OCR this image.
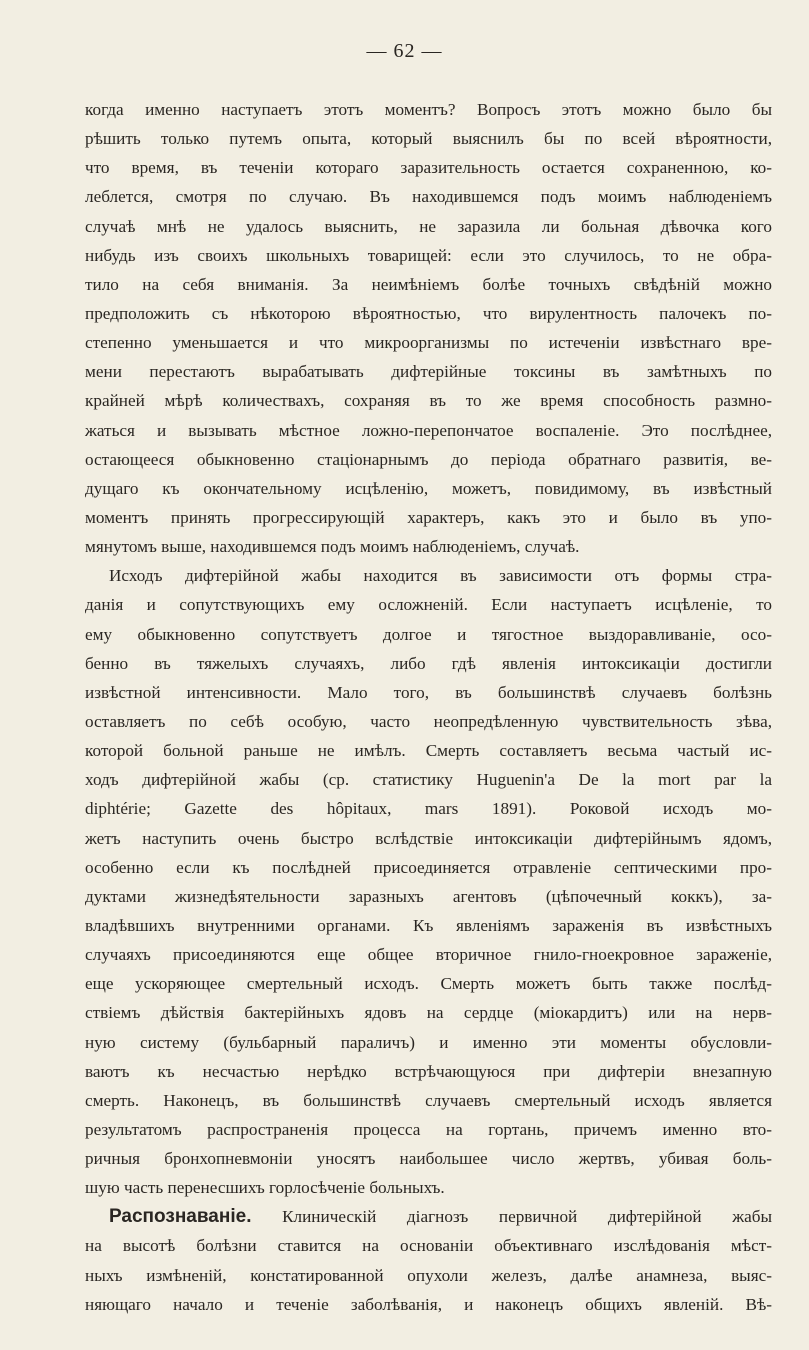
— 62 —
когда именно наступаетъ этотъ моментъ? Вопросъ этотъ можно было бы
рѣшить только путемъ опыта, который выяснилъ бы по всей вѣроятности,
что время, въ теченіи котораго заразительность остается сохраненною, ко-
леблется, смотря по случаю. Въ находившемся подъ моимъ наблюденіемъ
случаѣ мнѣ не удалось выяснить, не заразила ли больная дѣвочка кого
нибудь изъ своихъ школьныхъ товарищей: если это случилось, то не обра-
тило на себя вниманія. За неимѣніемъ болѣе точныхъ свѣдѣній можно
предположить съ нѣкоторою вѣроятностью, что вирулентность палочекъ по-
степенно уменьшается и что микроорганизмы по истеченіи извѣстнаго вре-
мени перестаютъ вырабатывать дифтерійные токсины въ замѣтныхъ по
крайней мѣрѣ количествахъ, сохраняя въ то же время способность размно-
жаться и вызывать мѣстное ложно-перепончатое воспаленіе. Это послѣднее,
остающееся обыкновенно стаціонарнымъ до періода обратнаго развитія, ве-
дущаго къ окончательному исцѣленію, можетъ, повидимому, въ извѣстный
моментъ принять прогрессирующій характеръ, какъ это и было въ упо-
мянутомъ выше, находившемся подъ моимъ наблюденіемъ, случаѣ.
Исходъ дифтерійной жабы находится въ зависимости отъ формы стра-
данія и сопутствующихъ ему осложненій. Если наступаетъ исцѣленіе, то
ему обыкновенно сопутствуетъ долгое и тягостное выздоравливаніе, осо-
бенно въ тяжелыхъ случаяхъ, либо гдѣ явленія интоксикаціи достигли
извѣстной интенсивности. Мало того, въ большинствѣ случаевъ болѣзнь
оставляетъ по себѣ особую, часто неопредѣленную чувствительность зѣва,
которой больной раньше не имѣлъ. Смерть составляетъ весьма частый ис-
ходъ дифтерійной жабы (ср. статистику Huguenin'a De la mort par la
diphtérie; Gazette des hôpitaux, mars 1891). Роковой исходъ мо-
жетъ наступить очень быстро вслѣдствіе интоксикаціи дифтерійнымъ ядомъ,
особенно если къ послѣдней присоединяется отравленіе септическими про-
дуктами жизнедѣятельности заразныхъ агентовъ (цѣпочечный коккъ), за-
владѣвшихъ внутренними органами. Къ явленіямъ зараженія въ извѣстныхъ
случаяхъ присоединяются еще общее вторичное гнило-гноекровное зараженіе,
еще ускоряющее смертельный исходъ. Смерть можетъ быть также послѣд-
ствіемъ дѣйствія бактерійныхъ ядовъ на сердце (міокардитъ) или на нерв-
ную систему (бульбарный параличъ) и именно эти моменты обусловли-
ваютъ къ несчастью нерѣдко встрѣчающуюся при дифтеріи внезапную
смерть. Наконецъ, въ большинствѣ случаевъ смертельный исходъ является
результатомъ распространенія процесса на гортань, причемъ именно вто-
ричныя бронхопневмоніи уносятъ наибольшее число жертвъ, убивая боль-
шую часть перенесшихъ горлосѣченіе больныхъ.
Распознаваніе. Клиническій діагнозъ первичной дифтерійной жабы
на высотѣ болѣзни ставится на основаніи объективнаго изслѣдованія мѣст-
ныхъ измѣненій, констатированной опухоли железъ, далѣе анамнеза, выяс-
няющаго начало и теченіе заболѣванія, и наконецъ общихъ явленій. Вѣ-
